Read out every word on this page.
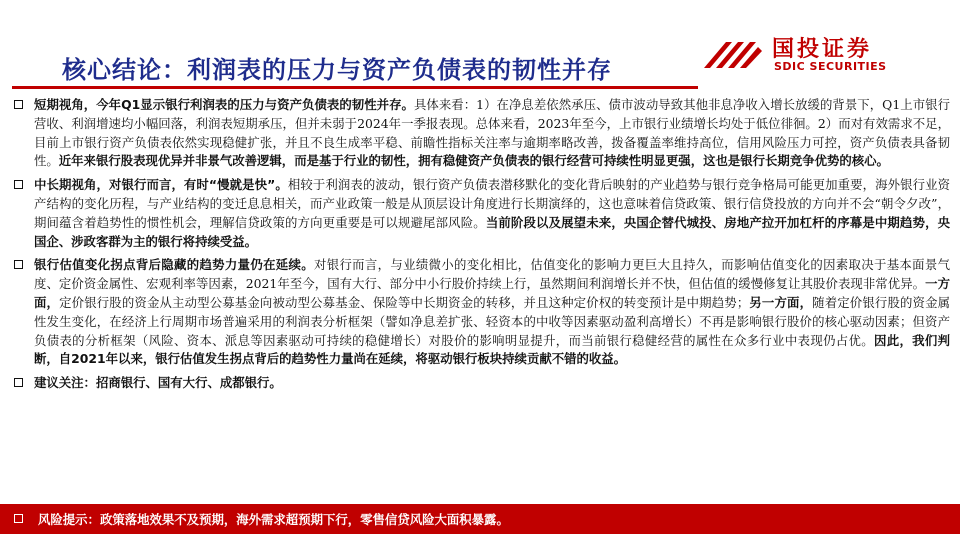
核心结论：利润表的压力与资产负债表的韧性并存
国投证券
SDIC SECURITIES

短期视角，今年Q1显示银行利润表的压力与资产负债表的韧性并存。具体来看：1）在净息差依然承压、债市波动导致其他非息净收入增长放缓的背景下，Q1上市银行营收、利润增速均小幅回落，利润表短期承压，但并未弱于2024年一季报表现。总体来看，2023年至今，上市银行业绩增长均处于低位徘徊。2）而对有效需求不足，目前上市银行资产负债表依然实现稳健扩张，并且不良生成率平稳、前瞻性指标关注率与逾期率略改善，拨备覆盖率维持高位，信用风险压力可控，资产负债表具备韧性。近年来银行股表现优异并非景气改善逻辑，而是基于行业的韧性，拥有稳健资产负债表的银行经营可持续性明显更强，这也是银行长期竞争优势的核心。

中长期视角，对银行而言，有时“慢就是快”。相较于利润表的波动，银行资产负债表潜移默化的变化背后映射的产业趋势与银行竞争格局可能更加重要，海外银行业资产结构的变化历程，与产业结构的变迁息息相关，而产业政策一般是从顶层设计角度进行长期演绎的，这也意味着信贷政策、银行信贷投放的方向并不会“朝令夕改”，期间蕴含着趋势性的惯性机会，理解信贷政策的方向更重要是可以规避尾部风险。当前阶段以及展望未来，央国企替代城投、房地产拉开加杠杆的序幕是中期趋势，央国企、涉政客群为主的银行将持续受益。

银行估值变化拐点背后隐藏的趋势力量仍在延续。对银行而言，与业绩微小的变化相比，估值变化的影响力更巨大且持久，而影响估值变化的因素取决于基本面景气度、定价资金属性、宏观利率等因素，2021年至今，国有大行、部分中小行股价持续上行，虽然期间利润增长并不快，但估值的缓慢修复让其股价表现非常优异。一方面，定价银行股的资金从主动型公募基金向被动型公募基金、保险等中长期资金的转移，并且这种定价权的转变预计是中期趋势；另一方面，随着定价银行股的资金属性发生变化，在经济上行周期市场普遍采用的利润表分析框架（譬如净息差扩张、轻资本的中收等因素驱动盈利高增长）不再是影响银行股价的核心驱动因素；但资产负债表的分析框架（风险、资本、派息等因素驱动可持续的稳健增长）对股价的影响明显提升，而当前银行稳健经营的属性在众多行业中表现仍占优。因此，我们判断，自2021年以来，银行估值发生拐点背后的趋势性力量尚在延续，将驱动银行板块持续贡献不错的收益。

建议关注：招商银行、国有大行、成都银行。

风险提示：政策落地效果不及预期，海外需求超预期下行，零售信贷风险大面积暴露。
